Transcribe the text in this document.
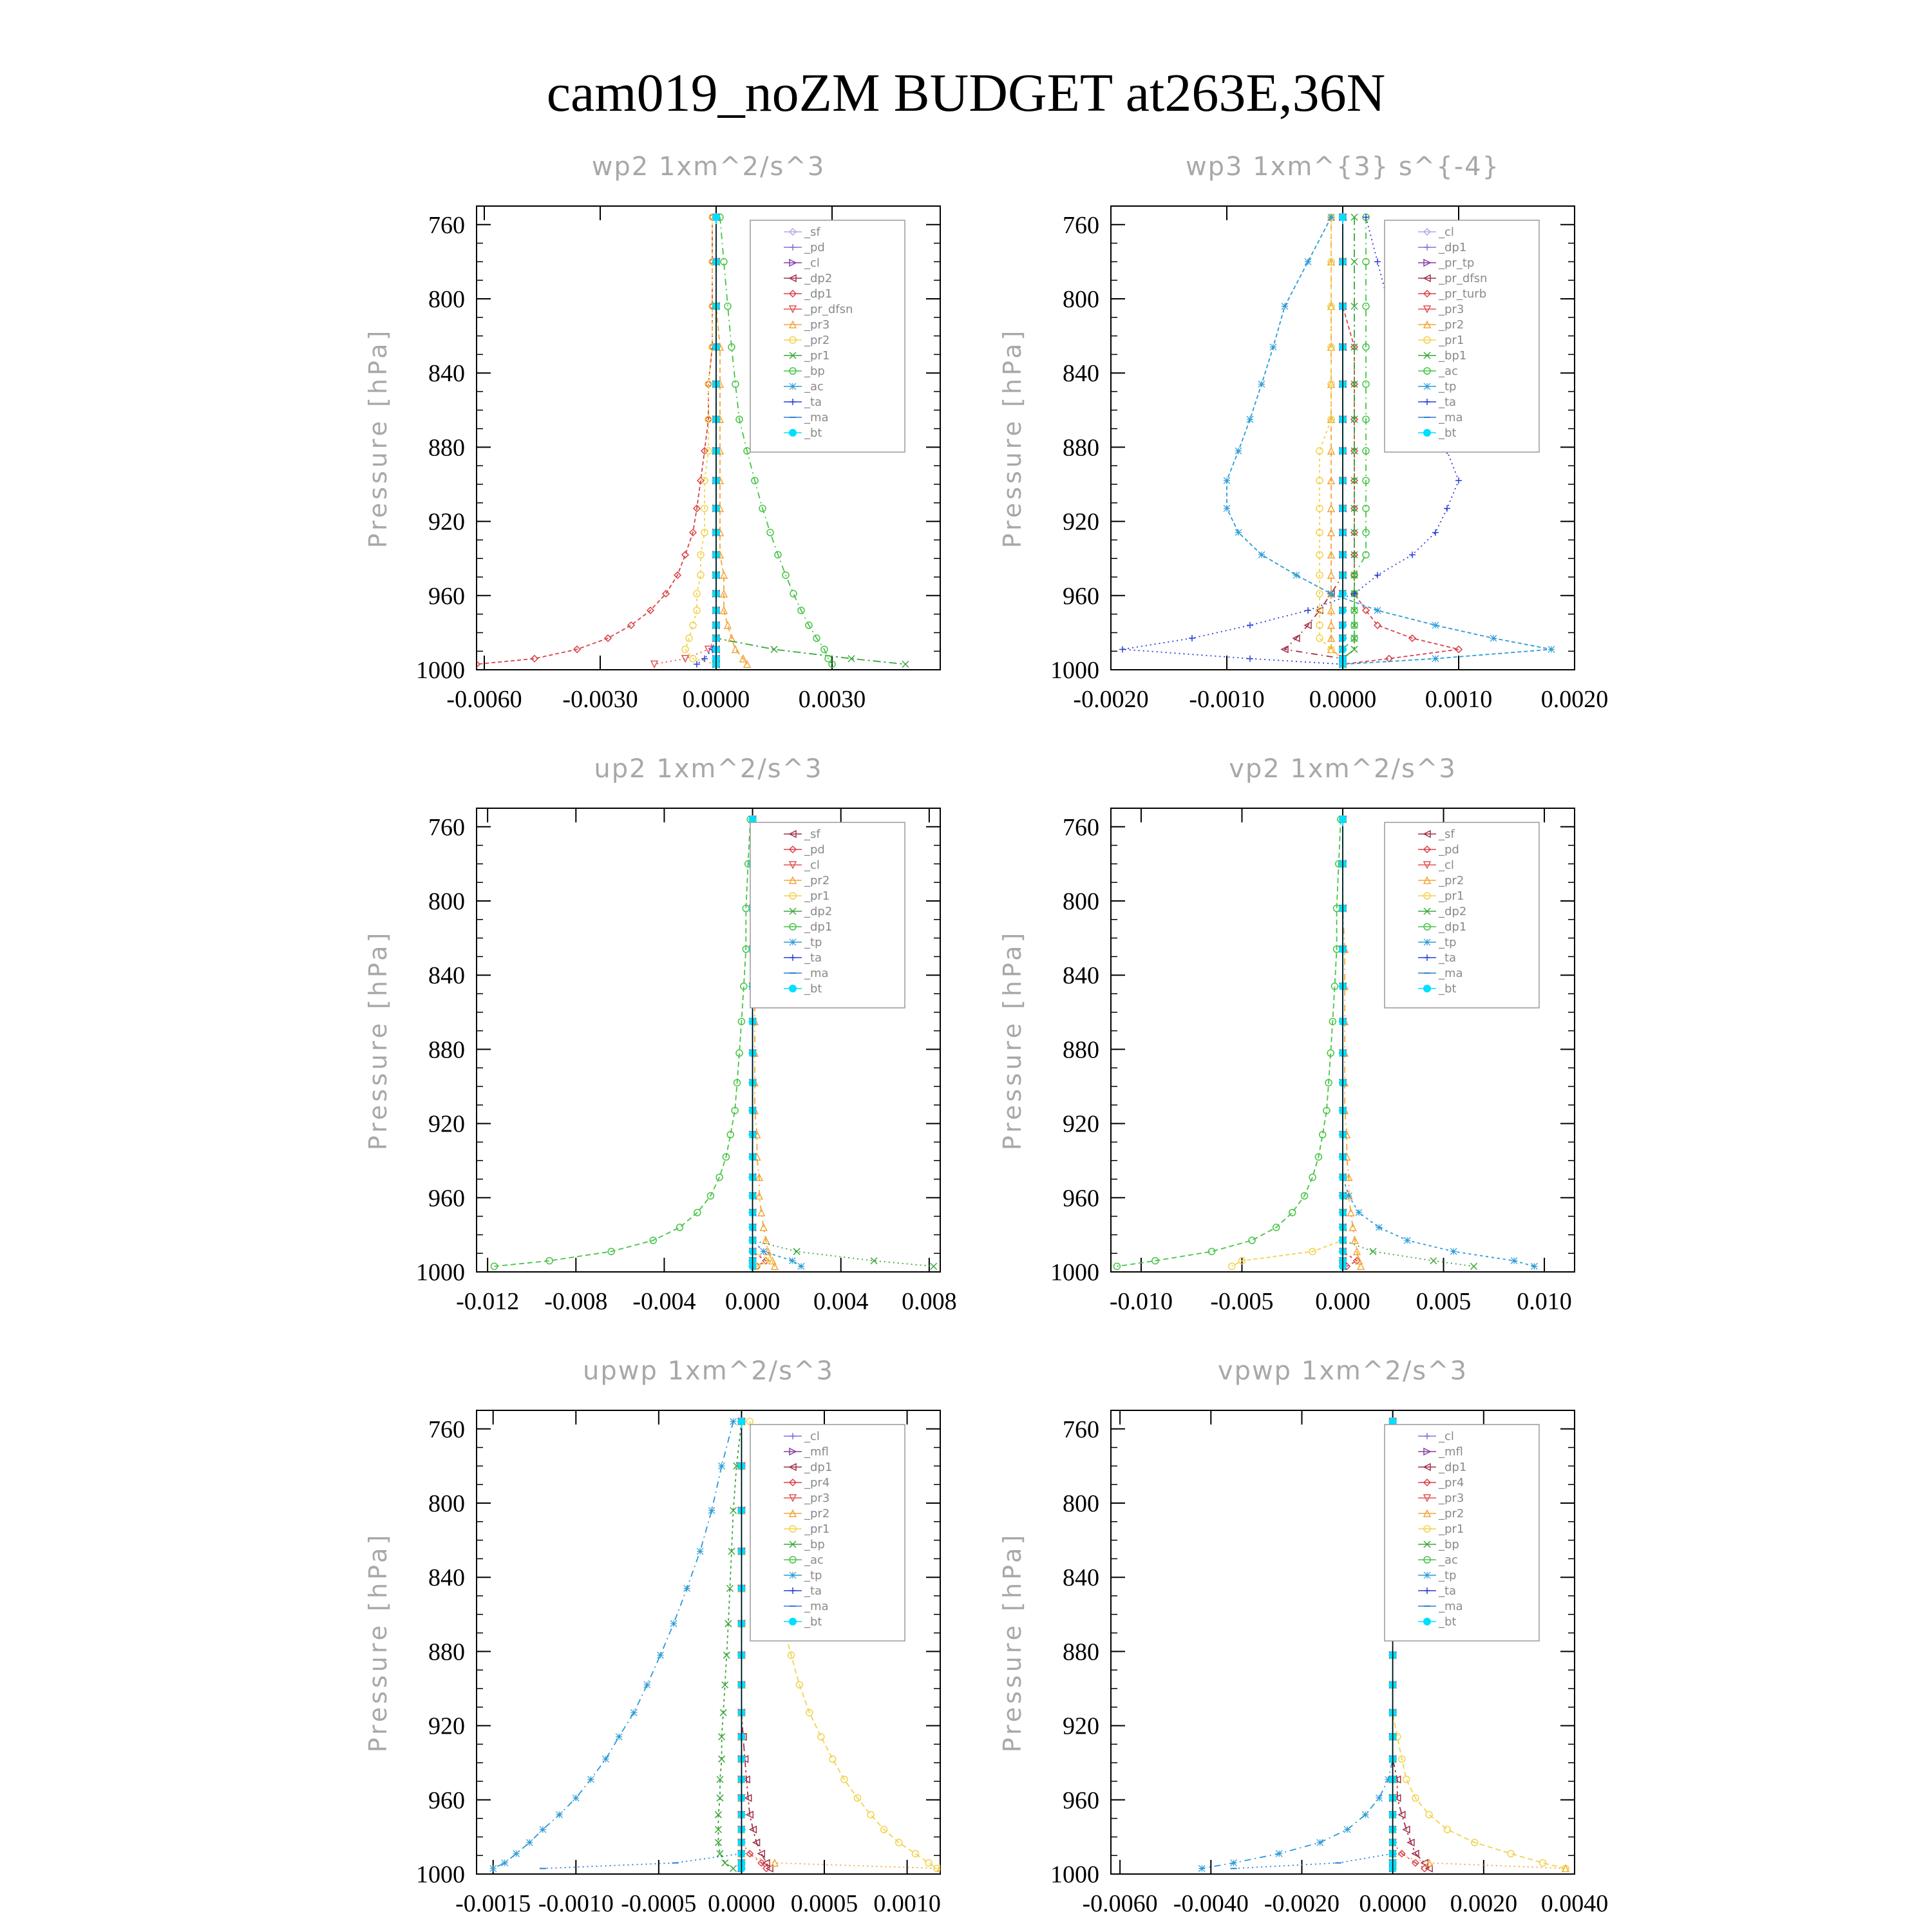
cam019_noZM BUDGET at263E,36N
wp2 1xm^2/s^3
Pressure [hPa]
760
800
840
880
920
960
1000
-0.0060 -0.0030 0.0000 0.0030
_sf
_pd
_cl
_dp2
_dp1
_pr_dfsn
_pr3
_pr2
_pr1
_bp
_ac
_ta
_ma
_bt
wp3 1xm^{3} s^{-4}
Pressure [hPa]
760
800
840
880
920
960
1000
-0.0020 -0.0010 0.0000 0.0010 0.0020
_cl
_dp1
_pr_tp
_pr_dfsn
_pr_turb
_pr3
_pr2
_pr1
_bp1
_ac
_tp
_ta
_ma
_bt
up2 1xm^2/s^3
Pressure [hPa]
760
800
840
880
920
960
1000
-0.012 -0.008 -0.004 0.000 0.004 0.008
_sf
_pd
_cl
_pr2
_pr1
_dp2
_dp1
_tp
_ta
_ma
_bt
vp2 1xm^2/s^3
Pressure [hPa]
760
800
840
880
920
960
1000
-0.010 -0.005 0.000 0.005 0.010
_sf
_pd
_cl
_pr2
_pr1
_dp2
_dp1
_tp
_ta
_ma
_bt
upwp 1xm^2/s^3
Pressure [hPa]
760
800
840
880
920
960
1000
-0.0015 -0.0010 -0.0005 0.0000 0.0005 0.0010
_cl
_mfl
_dp1
_pr4
_pr3
_pr2
_pr1
_bp
_ac
_tp
_ta
_ma
_bt
vpwp 1xm^2/s^3
Pressure [hPa]
760
800
840
880
920
960
1000
-0.0060 -0.0040 -0.0020 0.0000 0.0020 0.0040
_cl
_mfl
_dp1
_pr4
_pr3
_pr2
_pr1
_bp
_ac
_tp
_ta
_ma
_bt
